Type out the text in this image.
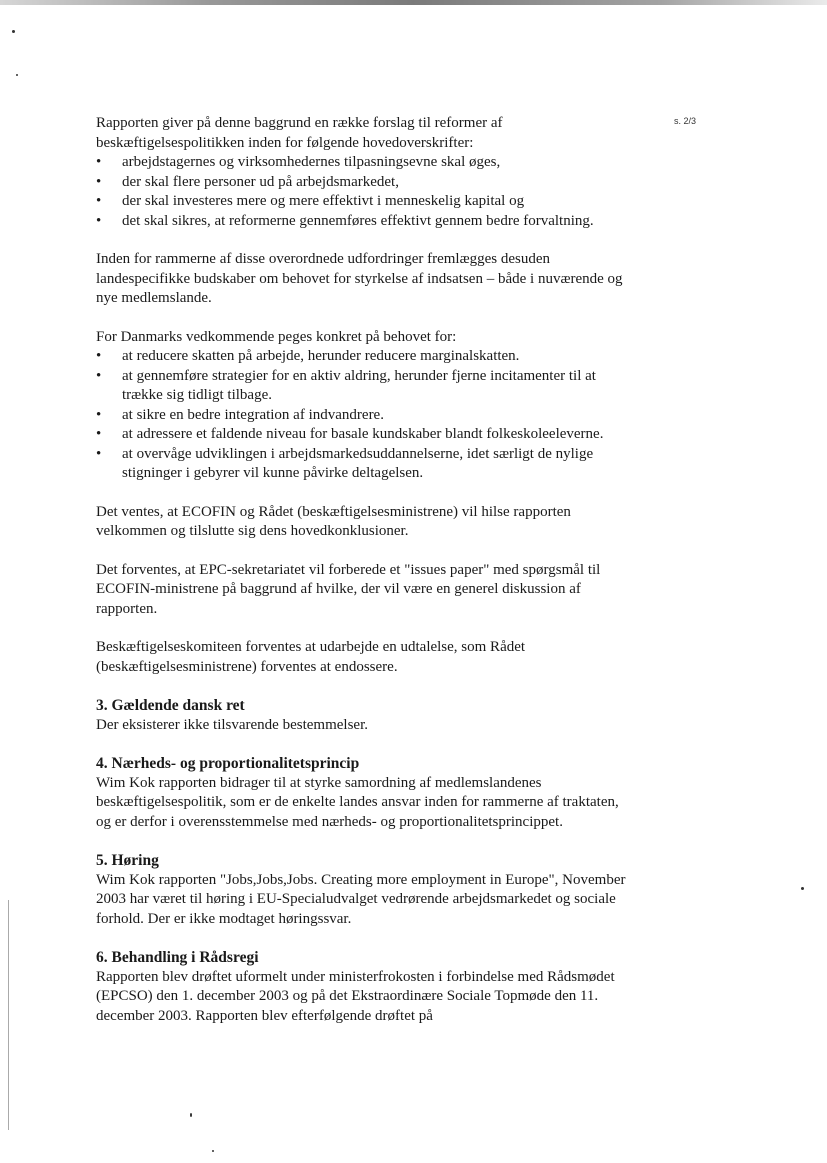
s. 2/3

Rapporten giver på denne baggrund en række forslag til reformer af beskæftigelsespolitikken inden for følgende hovedoverskrifter:

• arbejdstagernes og virksomhedernes tilpasningsevne skal øges,
• der skal flere personer ud på arbejdsmarkedet,
• der skal investeres mere og mere effektivt i menneskelig kapital og
• det skal sikres, at reformerne gennemføres effektivt gennem bedre forvaltning.

Inden for rammerne af disse overordnede udfordringer fremlægges desuden landespecifikke budskaber om behovet for styrkelse af indsatsen – både i nuværende og nye medlemslande.

For Danmarks vedkommende peges konkret på behovet for:

• at reducere skatten på arbejde, herunder reducere marginalskatten.
• at gennemføre strategier for en aktiv aldring, herunder fjerne incitamenter til at trække sig tidligt tilbage.
• at sikre en bedre integration af indvandrere.
• at adressere et faldende niveau for basale kundskaber blandt folkeskoleeleverne.
• at overvåge udviklingen i arbejdsmarkedsuddannelserne, idet særligt de nylige stigninger i gebyrer vil kunne påvirke deltagelsen.

Det ventes, at ECOFIN og Rådet (beskæftigelsesministrene) vil hilse rapporten velkommen og tilslutte sig dens hovedkonklusioner.

Det forventes, at EPC-sekretariatet vil forberede et "issues paper" med spørgsmål til ECOFIN-ministrene på baggrund af hvilke, der vil være en generel diskussion af rapporten.

Beskæftigelseskomiteen forventes at udarbejde en udtalelse, som Rådet (beskæftigelsesministrene) forventes at endossere.

3. Gældende dansk ret

Der eksisterer ikke tilsvarende bestemmelser.

4. Nærheds- og proportionalitetsprincip

Wim Kok rapporten bidrager til at styrke samordning af medlemslandenes beskæftigelsespolitik, som er de enkelte landes ansvar inden for rammerne af traktaten, og er derfor i overensstemmelse med nærheds- og proportionalitetsprincippet.

5. Høring

Wim Kok rapporten "Jobs,Jobs,Jobs. Creating more employment in Europe", November 2003 har været til høring i EU-Specialudvalget vedrørende arbejdsmarkedet og sociale forhold. Der er ikke modtaget høringssvar.

6. Behandling i Rådsregi

Rapporten blev drøftet uformelt under ministerfrokosten i forbindelse med Rådsmødet (EPCSO) den 1. december 2003 og på det Ekstraordinære Sociale Topmøde den 11. december 2003. Rapporten blev efterfølgende drøftet på
